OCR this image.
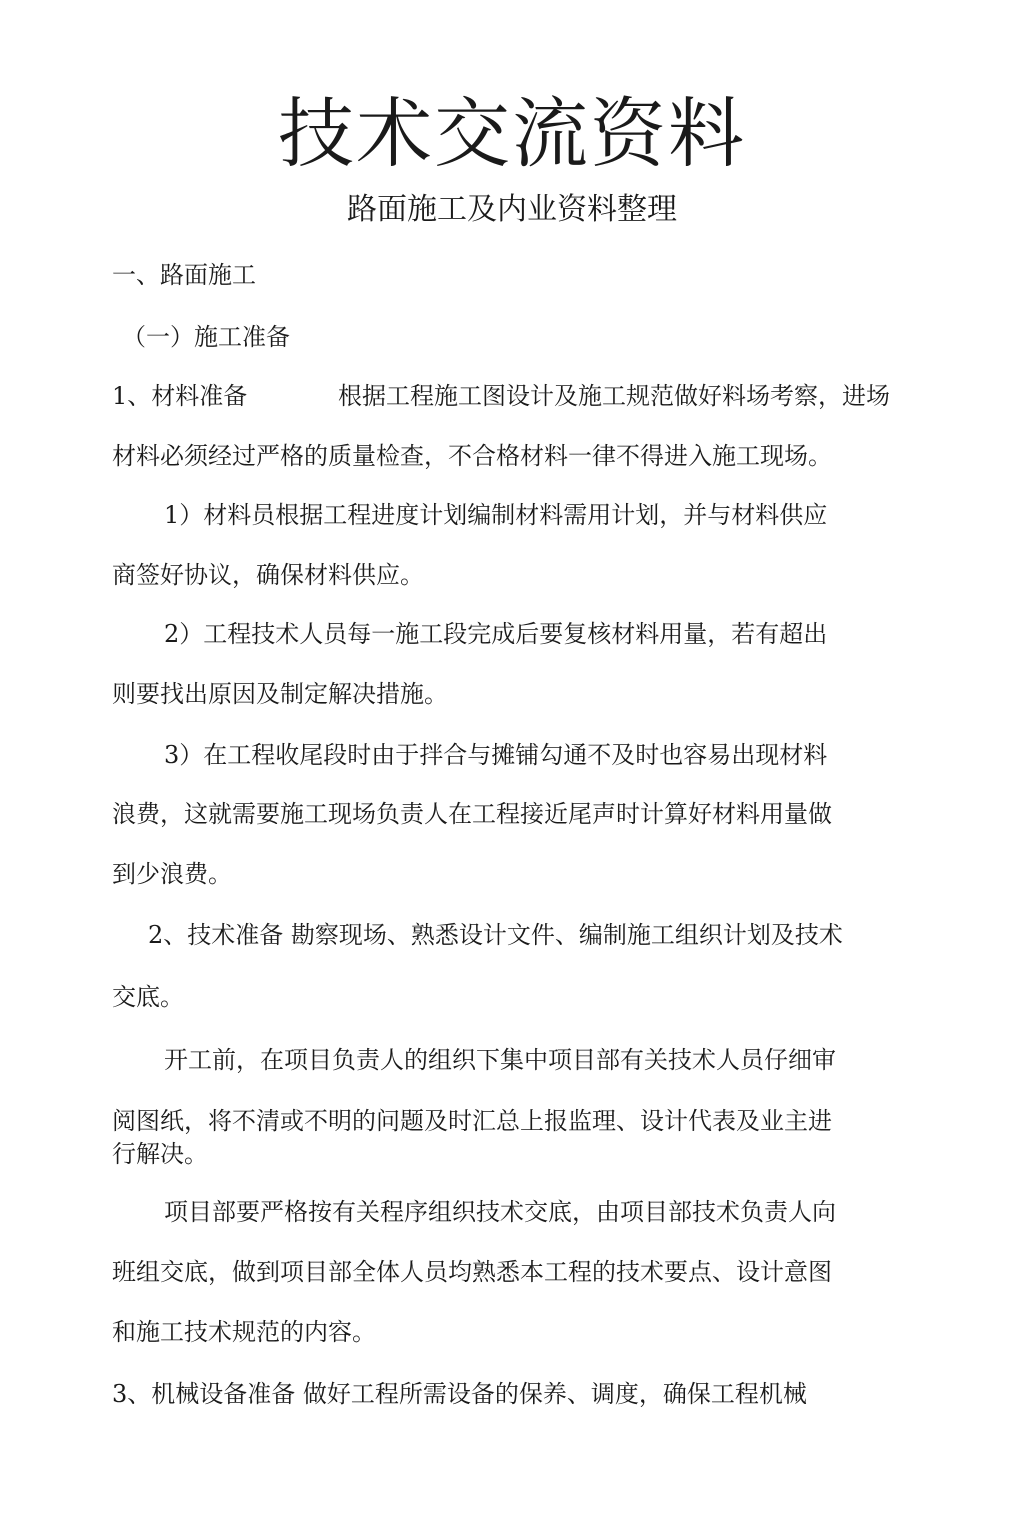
技术交流资料
路面施工及内业资料整理
一、路面施工
（一）施工准备
1、材料准备	根据工程施工图设计及施工规范做好料场考察，进场
材料必须经过严格的质量检查，不合格材料一律不得进入施工现场。
1）材料员根据工程进度计划编制材料需用计划，并与材料供应
商签好协议，确保材料供应。
2）工程技术人员每一施工段完成后要复核材料用量，若有超出
则要找出原因及制定解决措施。
3）在工程收尾段时由于拌合与摊铺勾通不及时也容易出现材料
浪费，这就需要施工现场负责人在工程接近尾声时计算好材料用量做
到少浪费。
2、技术准备 勘察现场、熟悉设计文件、编制施工组织计划及技术
交底。
开工前，在项目负责人的组织下集中项目部有关技术人员仔细审
阅图纸，将不清或不明的问题及时汇总上报监理、设计代表及业主进
行解决。
项目部要严格按有关程序组织技术交底，由项目部技术负责人向
班组交底，做到项目部全体人员均熟悉本工程的技术要点、设计意图
和施工技术规范的内容。
3、机械设备准备 做好工程所需设备的保养、调度，确保工程机械
